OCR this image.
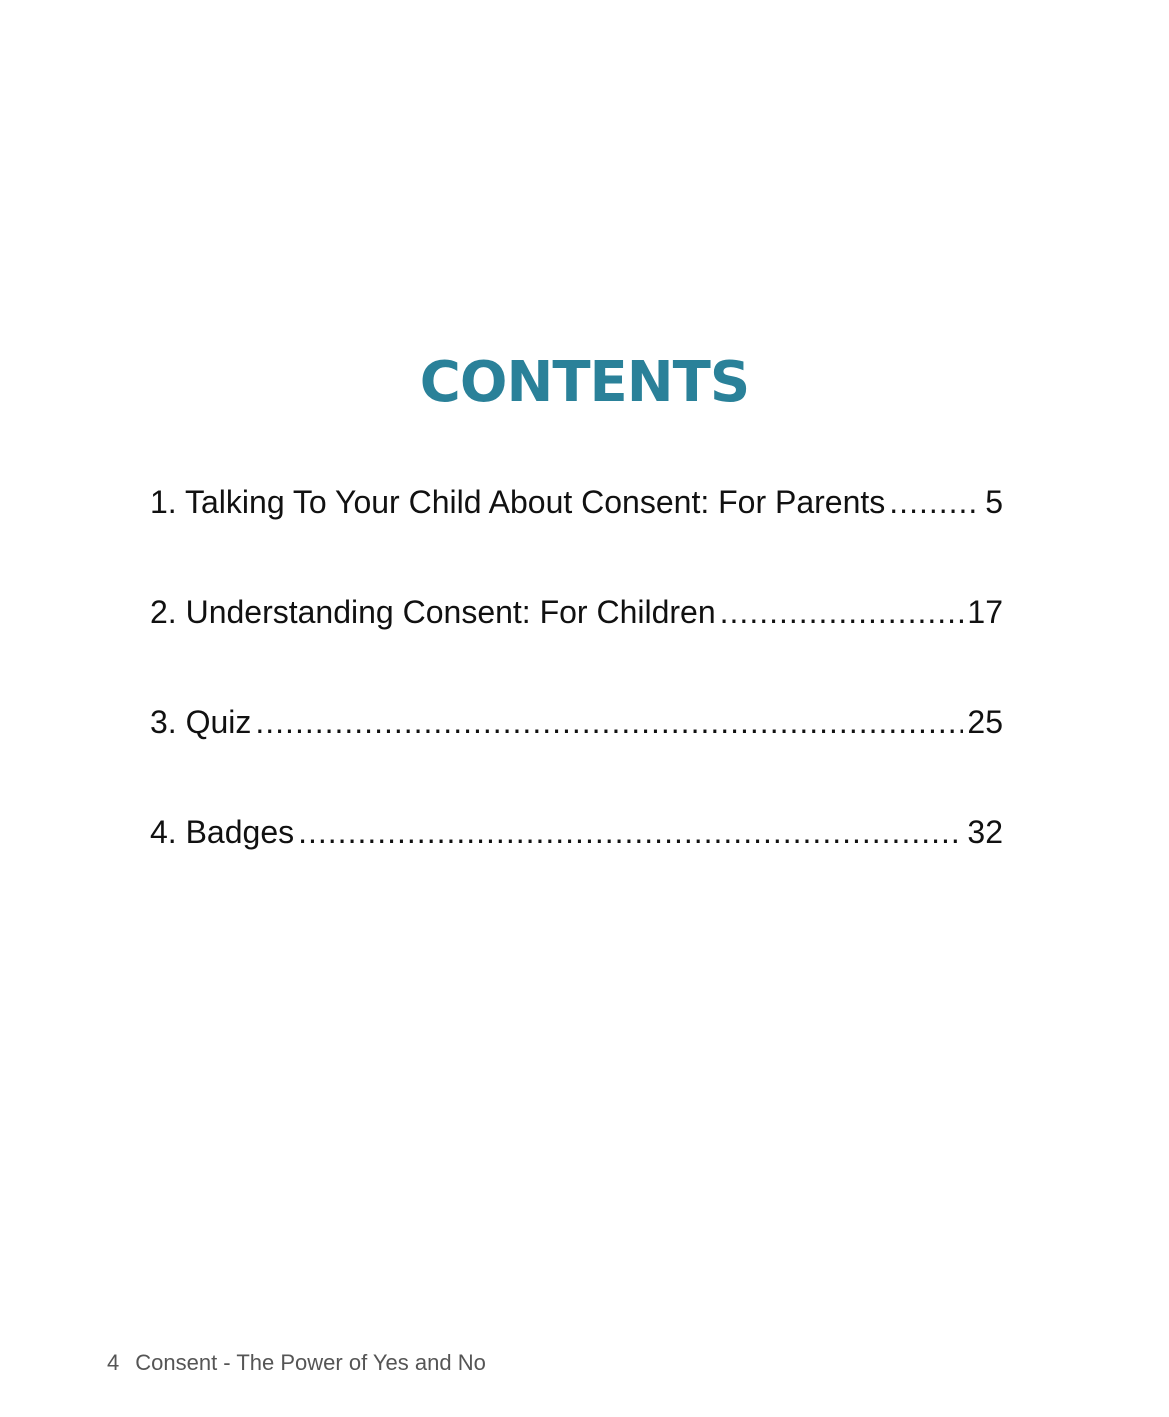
CONTENTS
1. Talking To Your Child About Consent: For Parents .....	5
2. Understanding Consent: For Children .....	17
3. Quiz .....	25
4. Badges .....	32
4 Consent - The Power of Yes and No
